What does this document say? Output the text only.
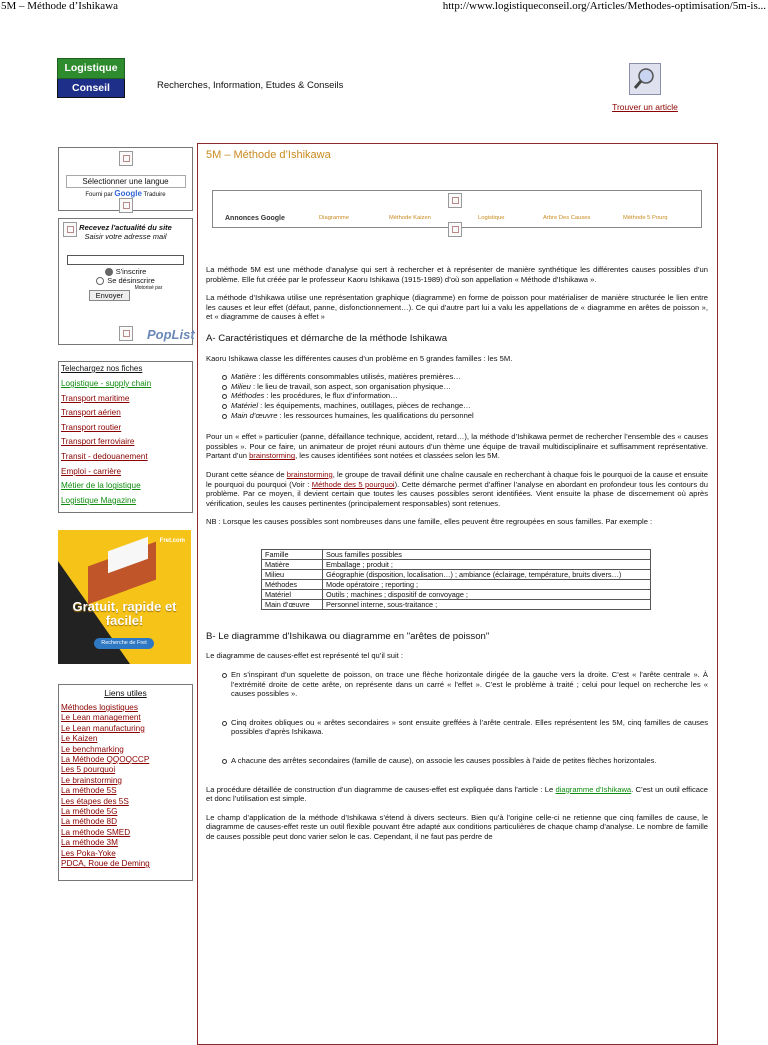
5M – Méthode d’Ishikawa	http://www.logistiqueconseil.org/Articles/Methodes-optimisation/5m-is...
Logistique
Conseil	Recherches, Information, Etudes & Conseils
Trouver un article
Sélectionner une langue
Fourni par Google Traduire
Recevez l'actualité du site
Saisir votre adresse mail
S'inscrire
Se désinscrire
Envoyer $^{Motorisé par}$
PopList
Telechargez nos fiches
Logistique - supply chain
Transport maritime
Transport aérien
Transport routier
Transport ferroviaire
Transit - dedouanement
Emploi - carrière
Métier de la logistique
Logistique Magazine
Fret.com
Gratuit, rapide et facile!
Recherche de Fret
Liens utiles
Méthodes logistiques
Le Lean management
Le Lean manufacturing
Le Kaizen
Le benchmarking
La Méthode QQOQCCP
Les 5 pourquoi
Le brainstorming
La méthode 5S
Les étapes des 5S
La méthode 5G
La méthode 8D
La méthode SMED
La méthode 3M
Les Poka-Yoke
PDCA, Roue de Deming
5M – Méthode d’Ishikawa
Annonces Google	Diagramme	Méthode Kaizen	Logistique	Arbre Des Causes	Méthode 5 Pourq

La méthode 5M est une méthode d’analyse qui sert à rechercher et à représenter de manière synthétique les différentes causes possibles d’un problème. Elle fut créée par le professeur Kaoru Ishikawa (1915-1989) d’où son appellation « Méthode d’Ishikawa ».

La méthode d’Ishikawa utilise une représentation graphique (diagramme) en forme de poisson pour matérialiser de manière structurée le lien entre les causes et leur effet (défaut, panne, disfonctionnement…). Ce qui d’autre part lui a valu les appellations de « diagramme en arêtes de poisson », et « diagramme de causes à effet »

A- Caractéristiques et démarche de la méthode Ishikawa

Kaoru Ishikawa classe les différentes causes d’un problème en 5 grandes familles : les 5M.

Matière : les différents consommables utilisés, matières premières…
Milieu : le lieu de travail, son aspect, son organisation physique…
Méthodes : les procédures, le flux d’information…
Matériel : les équipements, machines, outillages, pièces de rechange…
Main d’œuvre : les ressources humaines, les qualifications du personnel

Pour un « effet » particulier (panne, défaillance technique, accident, retard…), la méthode d’Ishikawa permet de rechercher l’ensemble des « causes possibles ». Pour ce faire, un animateur de projet réuni autours d’un thème une équipe de travail multidisciplinaire et suffisamment représentative. Partant d’un brainstorming, les causes identifiées sont notées et classées selon les 5M.

Durant cette séance de brainstorming, le groupe de travail définit une chaîne causale en recherchant à chaque fois le pourquoi de la cause et ensuite le pourquoi du pourquoi (Voir : Méthode des 5 pourquoi). Cette démarche permet d’affiner l’analyse en abordant en profondeur tous les contours du problème. Par ce moyen, il devient certain que toutes les causes possibles seront identifiées. Vient ensuite la phase de discernement où après vérification, seules les causes pertinentes (principalement responsables) sont retenues.

NB : Lorsque les causes possibles sont nombreuses dans une famille, elles peuvent être regroupées en sous familles. Par exemple :

Famille	Sous familles possibles
Matière	Emballage ; produit ;
Milieu	Géographie (disposition, localisation…) ; ambiance (éclairage, température, bruits divers…)
Méthodes	Mode opératoire ; reporting ;
Matériel	Outils ; machines ; dispositif de convoyage ;
Main d’œuvre	Personnel interne, sous-traitance ;
B- Le diagramme d'Ishikawa ou diagramme en "arêtes de poisson"

Le diagramme de causes-effet est représenté tel qu’il suit :

En s’inspirant d’un squelette de poisson, on trace une flèche horizontale dirigée de la gauche vers la droite. C’est « l’arête centrale ». À l’extrémité droite de cette arête, on représente dans un carré « l’effet ». C’est le problème à traité ; celui pour lequel on recherche les « causes possibles ».
Cinq droites obliques ou « arêtes secondaires » sont ensuite greffées à l’arête centrale. Elles représentent les 5M, cinq familles de causes possibles d’après Ishikawa.
A chacune des arrêtes secondaires (famille de cause), on associe les causes possibles à l’aide de petites flèches horizontales.

La procédure détaillée de construction d’un diagramme de causes-effet est expliquée dans l’article : Le diagramme d’Ishikawa. C’est un outil efficace et donc l’utilisation est simple.

Le champ d’application de la méthode d’Ishikawa s’étend à divers secteurs. Bien qu’à l’origine celle-ci ne retienne que cinq familles de cause, le diagramme de causes-effet reste un outil flexible pouvant être adapté aux conditions particulières de chaque champ d’analyse. Le nombre de famille de causes possible peut donc varier selon le cas. Cependant, il ne faut pas perdre de
